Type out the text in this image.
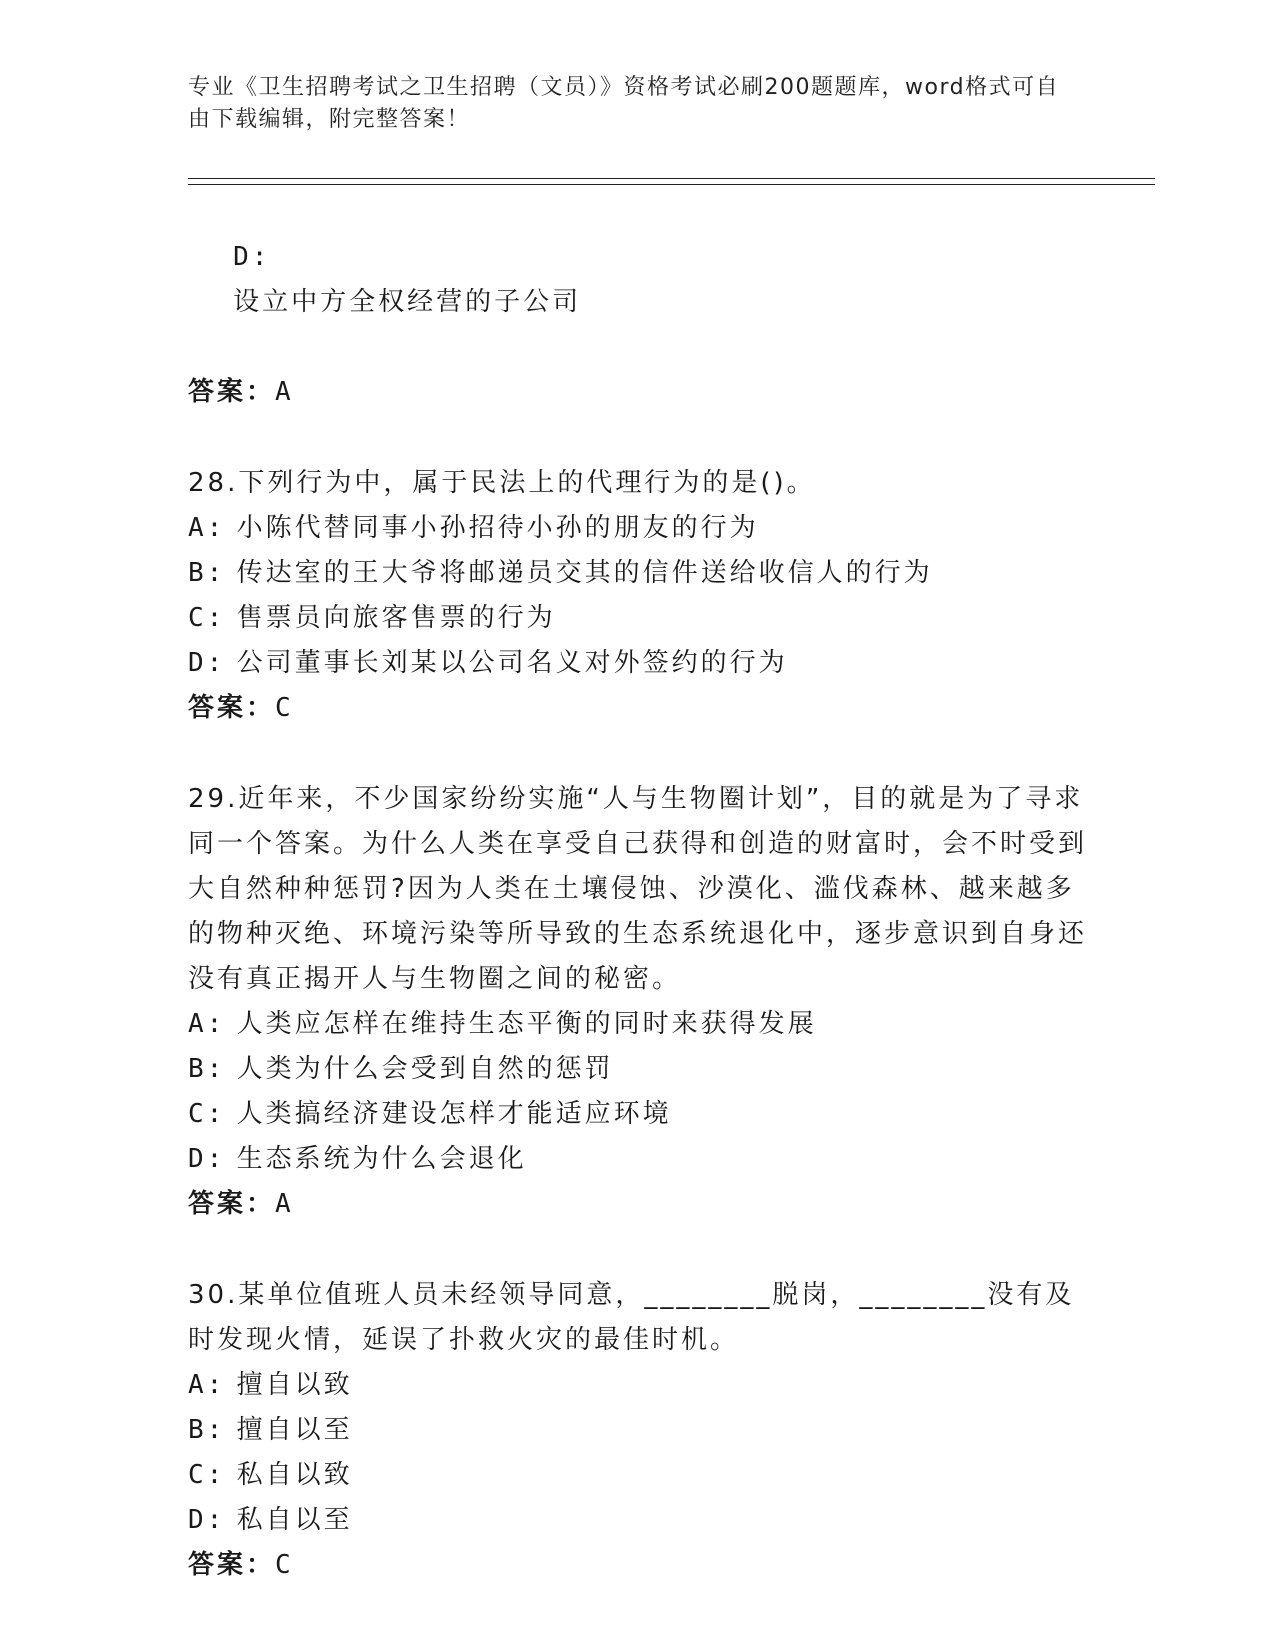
专业《卫生招聘考试之卫生招聘（文员）》资格考试必刷200题题库，word格式可自由下载编辑，附完整答案！

D:
设立中方全权经营的子公司

答案：A
28.下列行为中，属于民法上的代理行为的是()。
A: 小陈代替同事小孙招待小孙的朋友的行为
B: 传达室的王大爷将邮递员交其的信件送给收信人的行为
C: 售票员向旅客售票的行为
D: 公司董事长刘某以公司名义对外签约的行为
答案：C
29.近年来，不少国家纷纷实施“人与生物圈计划”，目的就是为了寻求同一个答案。为什么人类在享受自己获得和创造的财富时，会不时受到大自然种种惩罚?因为人类在土壤侵蚀、沙漠化、滥伐森林、越来越多的物种灭绝、环境污染等所导致的生态系统退化中，逐步意识到自身还没有真正揭开人与生物圈之间的秘密。
A: 人类应怎样在维持生态平衡的同时来获得发展
B: 人类为什么会受到自然的惩罚
C: 人类搞经济建设怎样才能适应环境
D: 生态系统为什么会退化
答案：A
30.某单位值班人员未经领导同意，________脱岗，________没有及时发现火情，延误了扑救火灾的最佳时机。
A: 擅自以致
B: 擅自以至
C: 私自以致
D: 私自以至
答案：C
